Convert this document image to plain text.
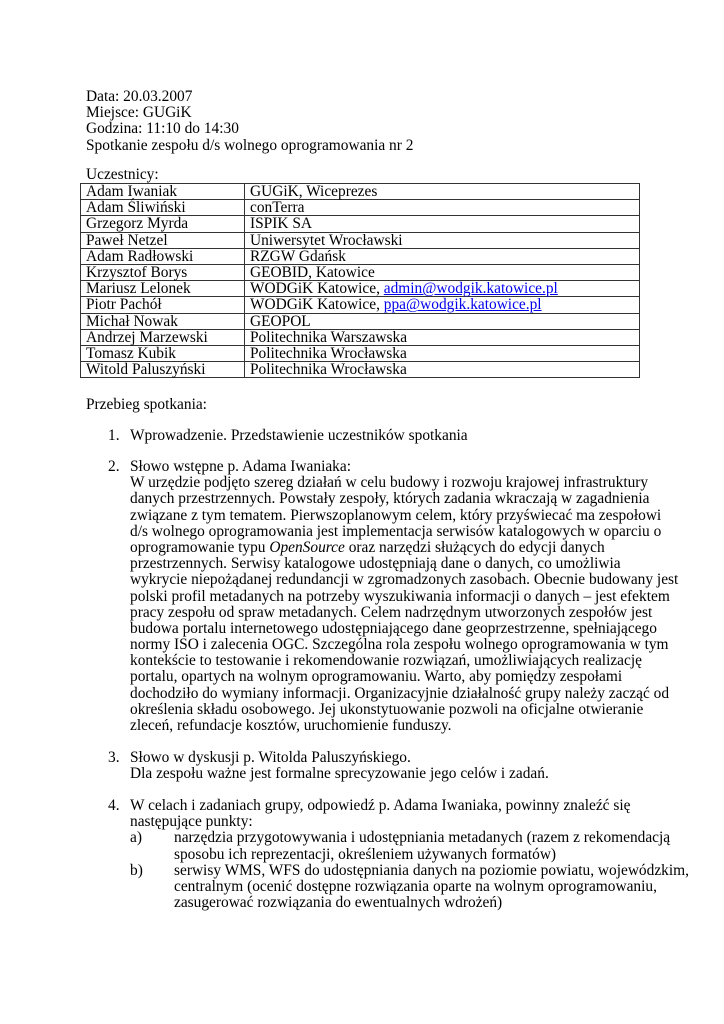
Data: 20.03.2007
Miejsce: GUGiK
Godzina: 11:10 do 14:30
Spotkanie zespołu d/s wolnego oprogramowania nr 2
Uczestnicy:
Adam Iwaniak	GUGiK, Wiceprezes
Adam Śliwiński	conTerra
Grzegorz Myrda	ISPIK SA
Paweł Netzel	Uniwersytet Wrocławski
Adam Radłowski	RZGW Gdańsk
Krzysztof Borys	GEOBID, Katowice
Mariusz Lelonek	WODGiK Katowice, admin@wodgik.katowice.pl
Piotr Pachół	WODGiK Katowice, ppa@wodgik.katowice.pl
Michał Nowak	GEOPOL
Andrzej Marzewski	Politechnika Warszawska
Tomasz Kubik	Politechnika Wrocławska
Witold Paluszyński	Politechnika Wrocławska
Przebieg spotkania:
1. Wprowadzenie. Przedstawienie uczestników spotkania
2. Słowo wstępne p. Adama Iwaniaka:
W urzędzie podjęto szereg działań w celu budowy i rozwoju krajowej infrastruktury
danych przestrzennych. Powstały zespoły, których zadania wkraczają w zagadnienia
związane z tym tematem. Pierwszoplanowym celem, który przyświecać ma zespołowi
d/s wolnego oprogramowania jest implementacja serwisów katalogowych w oparciu o
oprogramowanie typu OpenSource oraz narzędzi służących do edycji danych
przestrzennych. Serwisy katalogowe udostępniają dane o danych, co umożliwia
wykrycie niepożądanej redundancji w zgromadzonych zasobach. Obecnie budowany jest
polski profil metadanych na potrzeby wyszukiwania informacji o danych – jest efektem
pracy zespołu od spraw metadanych. Celem nadrzędnym utworzonych zespołów jest
budowa portalu internetowego udostępniającego dane geoprzestrzenne, spełniającego
normy ISO i zalecenia OGC. Szczególna rola zespołu wolnego oprogramowania w tym
kontekście to testowanie i rekomendowanie rozwiązań, umożliwiających realizację
portalu, opartych na wolnym oprogramowaniu. Warto, aby pomiędzy zespołami
dochodziło do wymiany informacji. Organizacyjnie działalność grupy należy zacząć od
określenia składu osobowego. Jej ukonstytuowanie pozwoli na oficjalne otwieranie
zleceń, refundacje kosztów, uruchomienie funduszy.
3. Słowo w dyskusji p. Witolda Paluszyńskiego.
Dla zespołu ważne jest formalne sprecyzowanie jego celów i zadań.
4. W celach i zadaniach grupy, odpowiedź p. Adama Iwaniaka, powinny znaleźć się
następujące punkty:
a)	narzędzia przygotowywania i udostępniania metadanych (razem z rekomendacją
sposobu ich reprezentacji, określeniem używanych formatów)
b)	serwisy WMS, WFS do udostępniania danych na poziomie powiatu, wojewódzkim,
centralnym (ocenić dostępne rozwiązania oparte na wolnym oprogramowaniu,
zasugerować rozwiązania do ewentualnych wdrożeń)
